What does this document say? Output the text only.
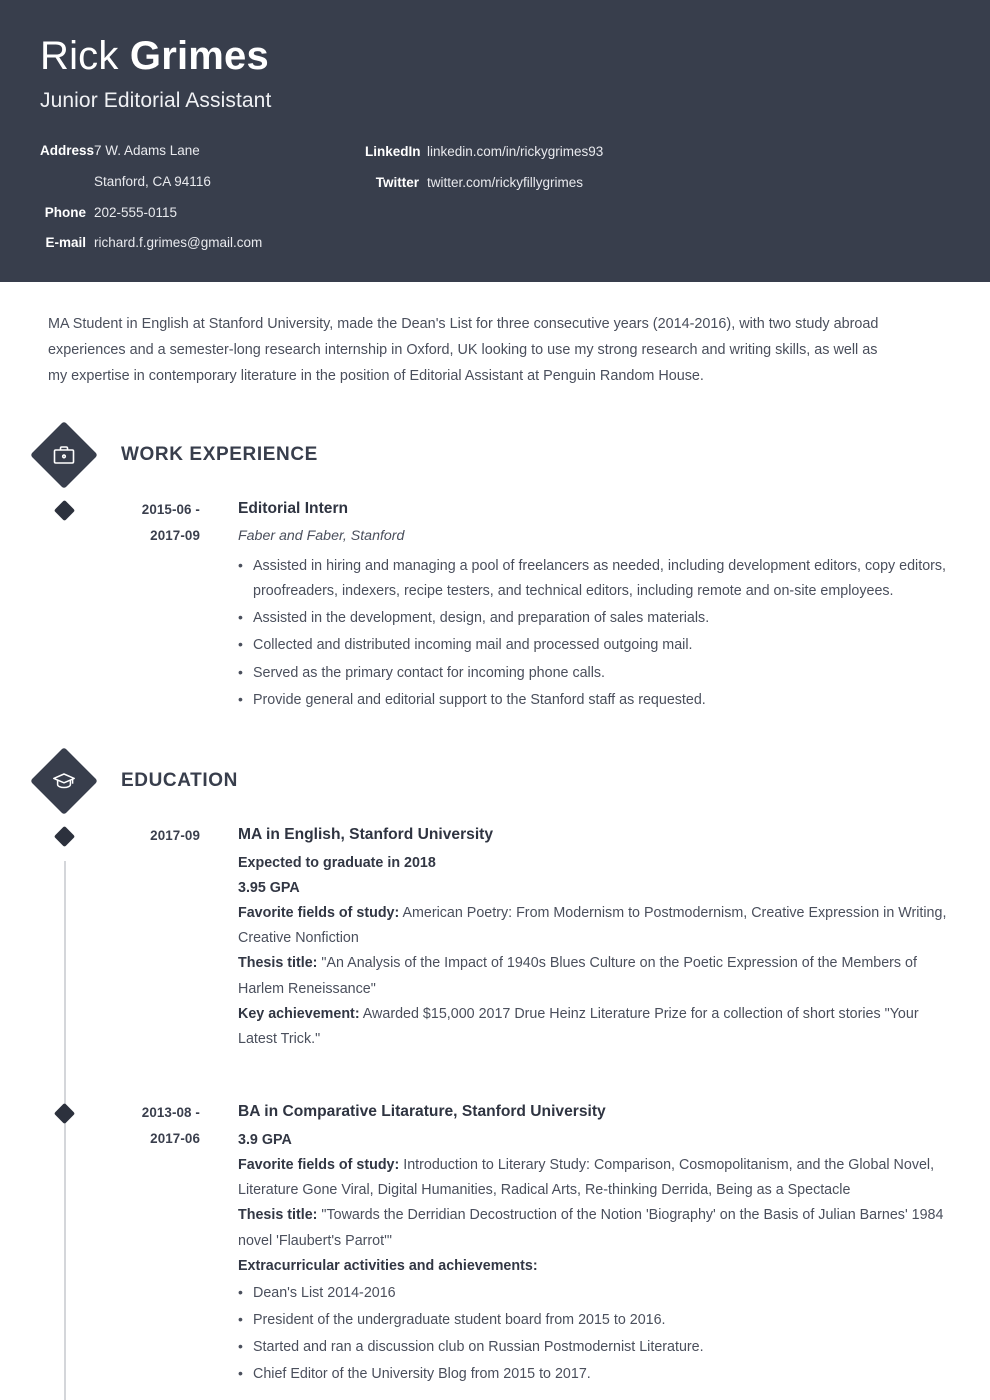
Rick Grimes
Junior Editorial Assistant
Address 7 W. Adams Lane
Stanford, CA 94116
Phone 202-555-0115
E-mail richard.f.grimes@gmail.com
LinkedIn linkedin.com/in/rickygrimes93
Twitter twitter.com/rickyfillygrimes
MA Student in English at Stanford University, made the Dean's List for three consecutive years (2014-2016), with two study abroad experiences and a semester-long research internship in Oxford, UK looking to use my strong research and writing skills, as well as my expertise in contemporary literature in the position of Editorial Assistant at Penguin Random House.
WORK EXPERIENCE
2015-06 -
2017-09
Editorial Intern
Faber and Faber, Stanford
• Assisted in hiring and managing a pool of freelancers as needed, including development editors, copy editors, proofreaders, indexers, recipe testers, and technical editors, including remote and on-site employees.
• Assisted in the development, design, and preparation of sales materials.
• Collected and distributed incoming mail and processed outgoing mail.
• Served as the primary contact for incoming phone calls.
• Provide general and editorial support to the Stanford staff as requested.
EDUCATION
2017-09 MA in English, Stanford University
Expected to graduate in 2018
3.95 GPA
Favorite fields of study: American Poetry: From Modernism to Postmodernism, Creative Expression in Writing, Creative Nonfiction
Thesis title: "An Analysis of the Impact of 1940s Blues Culture on the Poetic Expression of the Members of Harlem Reneissance"
Key achievement: Awarded $15,000 2017 Drue Heinz Literature Prize for a collection of short stories "Your Latest Trick."
2013-08 -
2017-06
BA in Comparative Litarature, Stanford University
3.9 GPA
Favorite fields of study: Introduction to Literary Study: Comparison, Cosmopolitanism, and the Global Novel, Literature Gone Viral, Digital Humanities, Radical Arts, Re-thinking Derrida, Being as a Spectacle
Thesis title: "Towards the Derridian Decostruction of the Notion 'Biography' on the Basis of Julian Barnes' 1984 novel 'Flaubert's Parrot'"
Extracurricular activities and achievements:
• Dean's List 2014-2016
• President of the undergraduate student board from 2015 to 2016.
• Started and ran a discussion club on Russian Postmodernist Literature.
• Chief Editor of the University Blog from 2015 to 2017.
